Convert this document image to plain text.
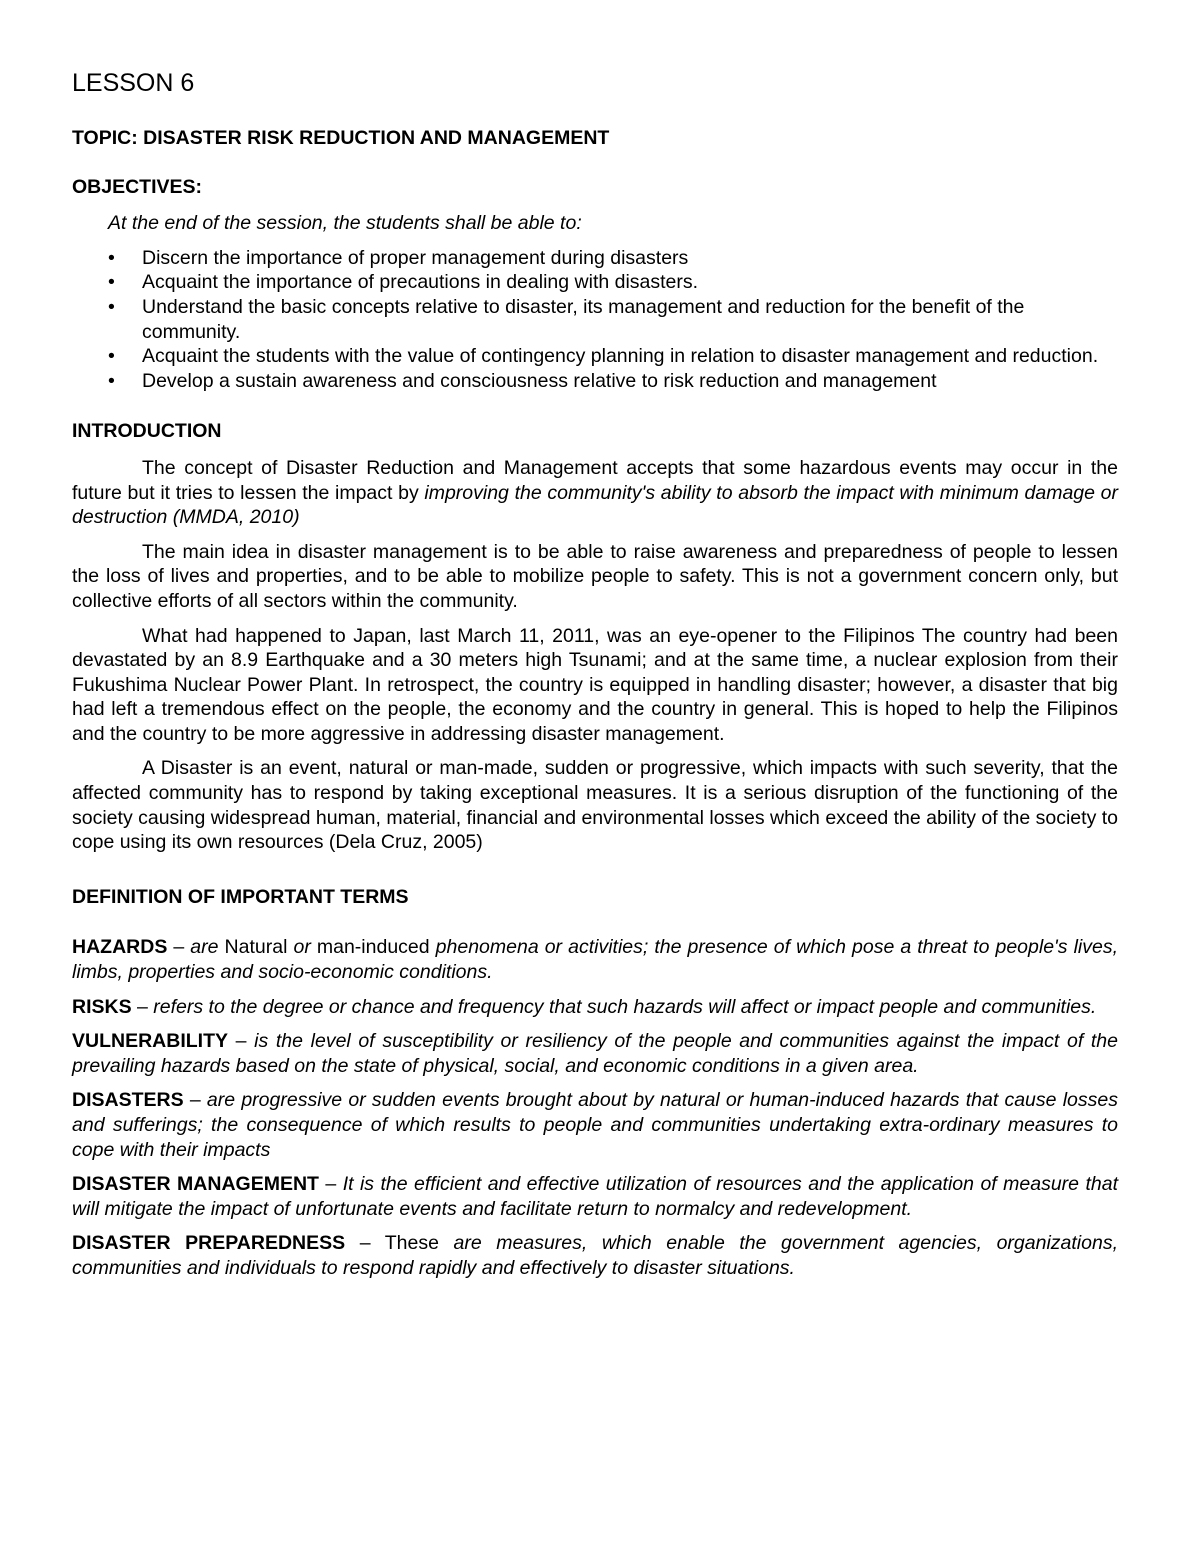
LESSON 6
TOPIC: DISASTER RISK REDUCTION AND MANAGEMENT
OBJECTIVES:
At the end of the session, the students shall be able to:
• Discern the importance of proper management during disasters
• Acquaint the importance of precautions in dealing with disasters.
• Understand the basic concepts relative to disaster, its management and reduction for the benefit of the community.
• Acquaint the students with the value of contingency planning in relation to disaster management and reduction.
• Develop a sustain awareness and consciousness relative to risk reduction and management
INTRODUCTION

The concept of Disaster Reduction and Management accepts that some hazardous events may occur in the future but it tries to lessen the impact by improving the community's ability to absorb the impact with minimum damage or destruction (MMDA, 2010)

The main idea in disaster management is to be able to raise awareness and preparedness of people to lessen the loss of lives and properties, and to be able to mobilize people to safety. This is not a government concern only, but collective efforts of all sectors within the community.

What had happened to Japan, last March 11, 2011, was an eye-opener to the Filipinos The country had been devastated by an 8.9 Earthquake and a 30 meters high Tsunami; and at the same time, a nuclear explosion from their Fukushima Nuclear Power Plant. In retrospect, the country is equipped in handling disaster; however, a disaster that big had left a tremendous effect on the people, the economy and the country in general. This is hoped to help the Filipinos and the country to be more aggressive in addressing disaster management.

A Disaster is an event, natural or man-made, sudden or progressive, which impacts with such severity, that the affected community has to respond by taking exceptional measures. It is a serious disruption of the functioning of the society causing widespread human, material, financial and environmental losses which exceed the ability of the society to cope using its own resources (Dela Cruz, 2005)

DEFINITION OF IMPORTANT TERMS

HAZARDS – are Natural or man-induced phenomena or activities; the presence of which pose a threat to people's lives, limbs, properties and socio-economic conditions.

RISKS – refers to the degree or chance and frequency that such hazards will affect or impact people and communities.

VULNERABILITY – is the level of susceptibility or resiliency of the people and communities against the impact of the prevailing hazards based on the state of physical, social, and economic conditions in a given area.

DISASTERS – are progressive or sudden events brought about by natural or human-induced hazards that cause losses and sufferings; the consequence of which results to people and communities undertaking extra-ordinary measures to cope with their impacts

DISASTER MANAGEMENT – It is the efficient and effective utilization of resources and the application of measure that will mitigate the impact of unfortunate events and facilitate return to normalcy and redevelopment.

DISASTER PREPAREDNESS – These are measures, which enable the government agencies, organizations, communities and individuals to respond rapidly and effectively to disaster situations.
